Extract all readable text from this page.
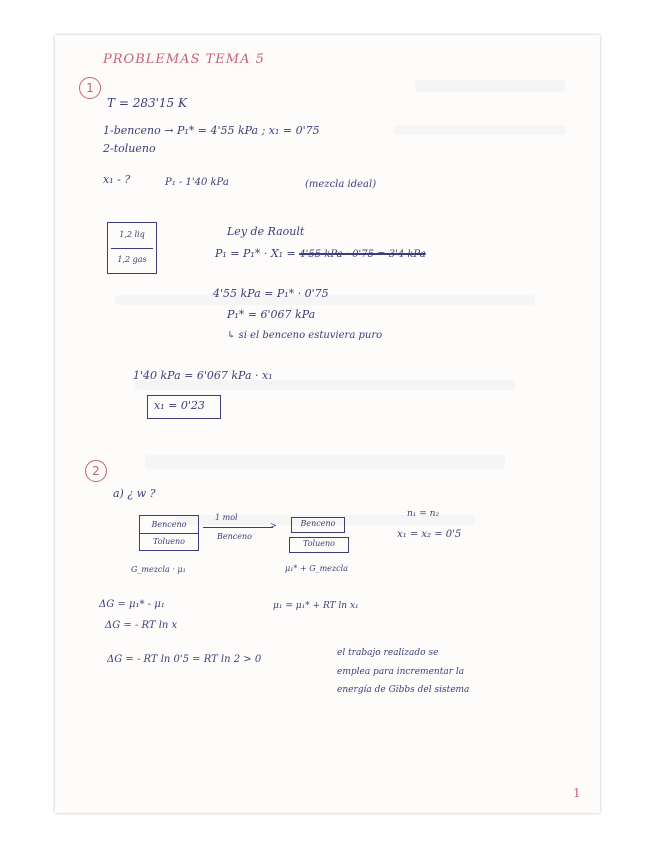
PROBLEMAS TEMA 5
1
T = 283'15 K
1-benceno → P₁* = 4'55 kPa ; x₁ = 0'75
2-tolueno
x₁ - ?	P₁ - 1'40 kPa	(mezcla ideal)
1,2 liq
1,2 gas
Ley de Raoult
P₁ = P₁* · X₁ = 4'55 kPa · 0'75 = 3'4 kPa
4'55 kPa = P₁* · 0'75
P₁* = 6'067 kPa
↳ si el benceno estuviera puro
1'40 kPa = 6'067 kPa · x₁
x₁ = 0'23
2
a) ¿ w ?
Benceno
Tolueno
1 mol
>
Benceno
Benceno
Tolueno
n₁ = n₂
x₁ = x₂ = 0'5
G_mezcla · μ₁	μ₁* + G_mezcla
ΔG = μ₁* - μ₁	μ₁ = μ₁* + RT ln x₁
ΔG = - RT ln x
ΔG = - RT ln 0'5 = RT ln 2 > 0
el trabajo realizado se
emplea para incrementar la
energía de Gibbs del sistema
1
